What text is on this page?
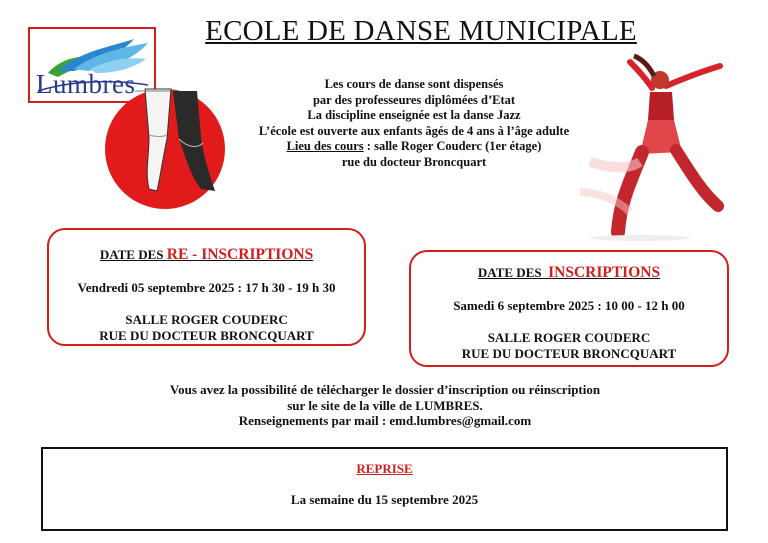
ECOLE DE DANSE MUNICIPALE
Lumbres	Les cours de danse sont dispensés
par des professeures diplômées d’Etat
La discipline enseignée est la danse Jazz
L’école est ouverte aux enfants âgés de 4 ans à l’âge adulte
Lieu des cours : salle Roger Couderc (1er étage)
rue du docteur Broncquart
DATE DES RE - INSCRIPTIONS
Vendredi 05 septembre 2025 : 17 h 30 - 19 h 30
SALLE ROGER COUDERC
RUE DU DOCTEUR BRONCQUART
DATE DES  INSCRIPTIONS
Samedi 6 septembre 2025 : 10 00 - 12 h 00
SALLE ROGER COUDERC
RUE DU DOCTEUR BRONCQUART
Vous avez la possibilité de télécharger le dossier d’inscription ou réinscription
sur le site de la ville de LUMBRES.
Renseignements par mail : emd.lumbres@gmail.com
REPRISE
La semaine du 15 septembre 2025
